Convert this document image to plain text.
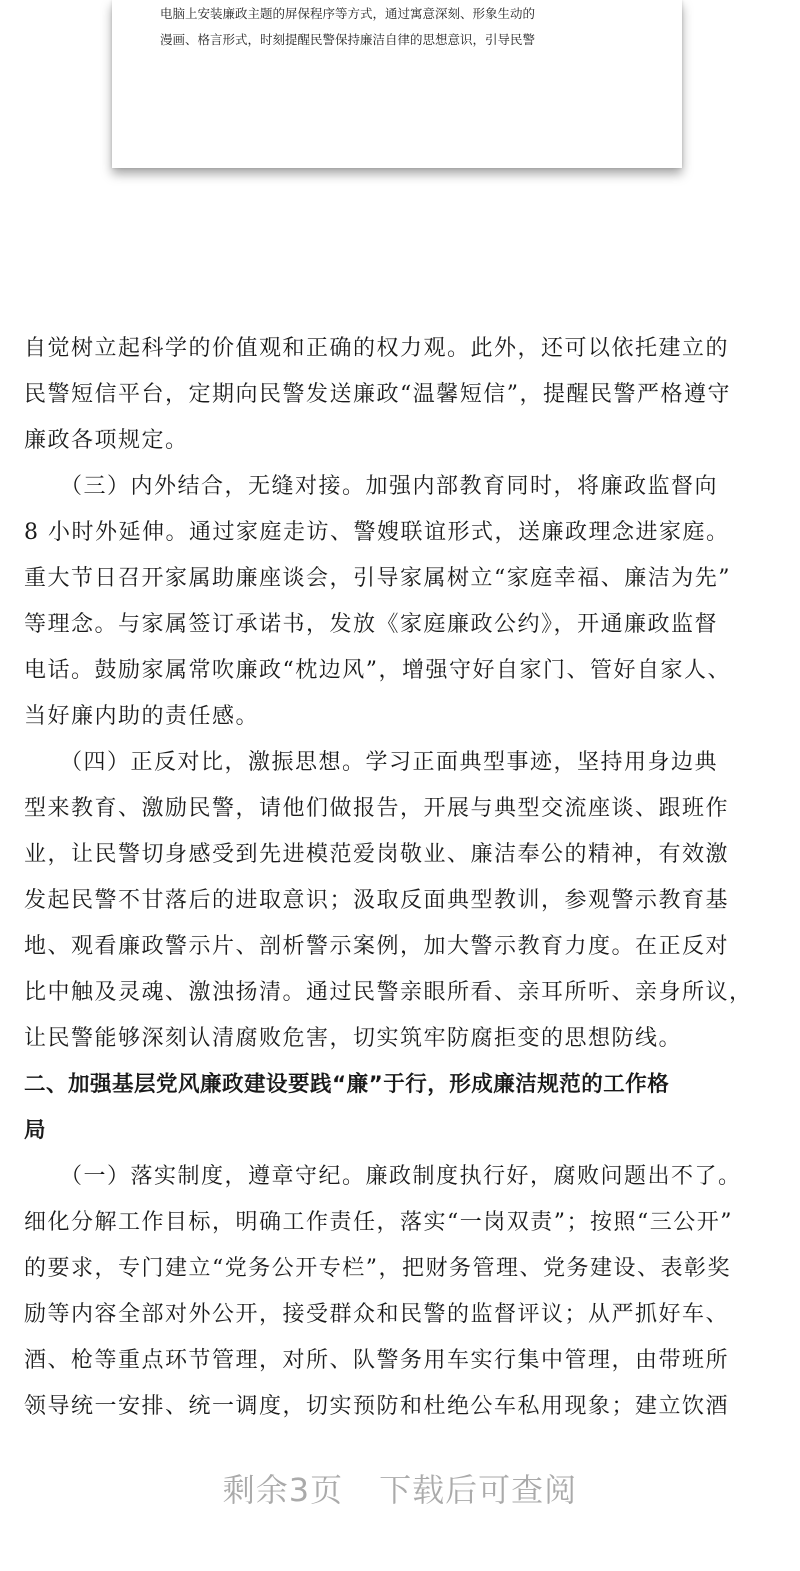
电脑上安装廉政主题的屏保程序等方式，通过寓意深刻、形象生动的
漫画、格言形式，时刻提醒民警保持廉洁自律的思想意识，引导民警

自觉树立起科学的价值观和正确的权力观。此外，还可以依托建立的

民警短信平台，定期向民警发送廉政“温馨短信”，提醒民警严格遵守

廉政各项规定。

　　（三）内外结合，无缝对接。加强内部教育同时，将廉政监督向

8 小时外延伸。通过家庭走访、警嫂联谊形式，送廉政理念进家庭。

重大节日召开家属助廉座谈会，引导家属树立“家庭幸福、廉洁为先”

等理念。与家属签订承诺书，发放《家庭廉政公约》，开通廉政监督

电话。鼓励家属常吹廉政“枕边风”，增强守好自家门、管好自家人、

当好廉内助的责任感。

　　（四）正反对比，激振思想。学习正面典型事迹，坚持用身边典

型来教育、激励民警，请他们做报告，开展与典型交流座谈、跟班作

业，让民警切身感受到先进模范爱岗敬业、廉洁奉公的精神，有效激

发起民警不甘落后的进取意识；汲取反面典型教训，参观警示教育基

地、观看廉政警示片、剖析警示案例，加大警示教育力度。在正反对

比中触及灵魂、激浊扬清。通过民警亲眼所看、亲耳所听、亲身所议，

让民警能够深刻认清腐败危害，切实筑牢防腐拒变的思想防线。

二、加强基层党风廉政建设要践“廉”于行，形成廉洁规范的工作格

局

　　（一）落实制度，遵章守纪。廉政制度执行好，腐败问题出不了。

细化分解工作目标，明确工作责任，落实“一岗双责”；按照“三公开”

的要求，专门建立“党务公开专栏”，把财务管理、党务建设、表彰奖

励等内容全部对外公开，接受群众和民警的监督评议；从严抓好车、

酒、枪等重点环节管理，对所、队警务用车实行集中管理，由带班所

领导统一安排、统一调度，切实预防和杜绝公车私用现象；建立饮酒

剩余3页 下载后可查阅
